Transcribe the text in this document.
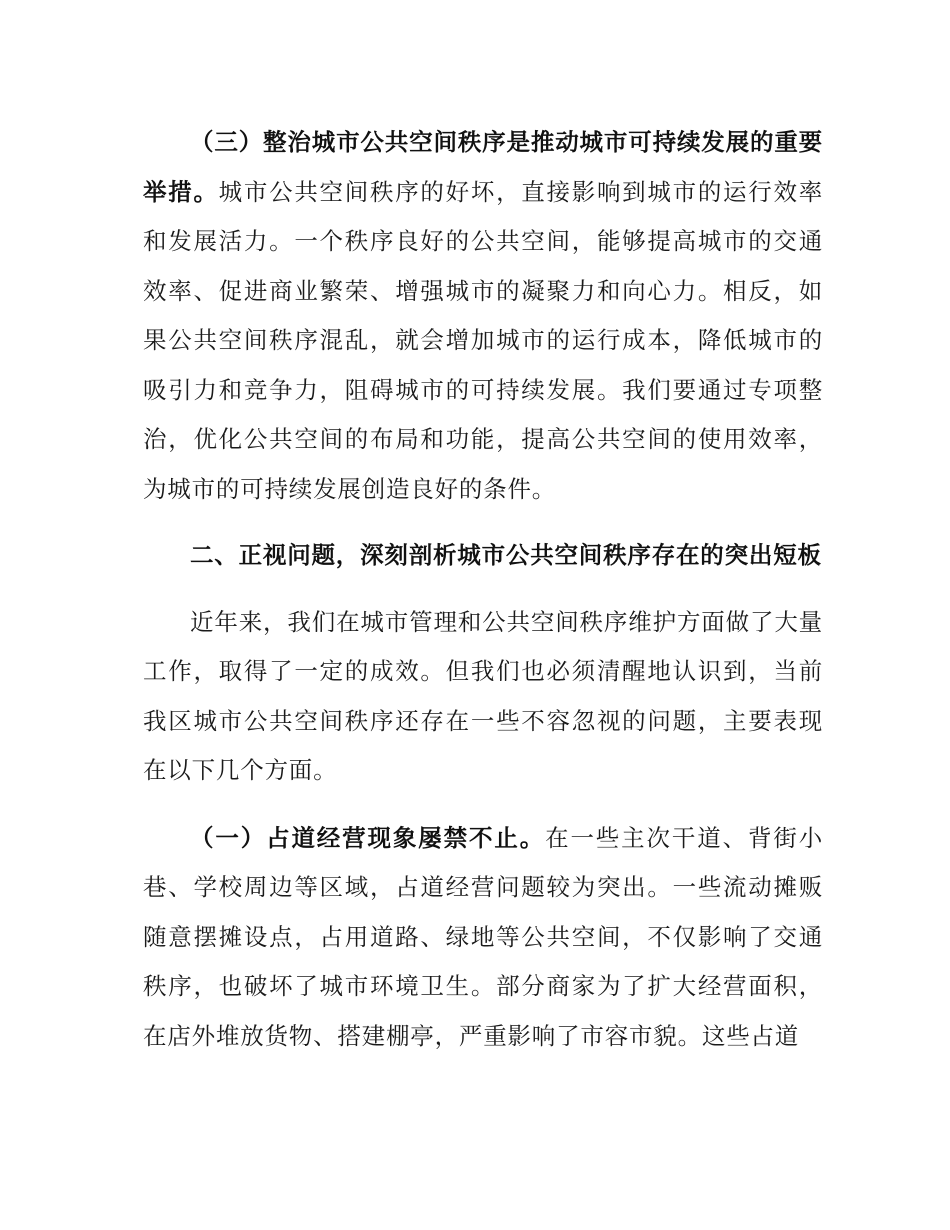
（三）整治城市公共空间秩序是推动城市可持续发展的重要举措。城市公共空间秩序的好坏，直接影响到城市的运行效率和发展活力。一个秩序良好的公共空间，能够提高城市的交通效率、促进商业繁荣、增强城市的凝聚力和向心力。相反，如果公共空间秩序混乱，就会增加城市的运行成本，降低城市的吸引力和竞争力，阻碍城市的可持续发展。我们要通过专项整治，优化公共空间的布局和功能，提高公共空间的使用效率，为城市的可持续发展创造良好的条件。

二、正视问题，深刻剖析城市公共空间秩序存在的突出短板

近年来，我们在城市管理和公共空间秩序维护方面做了大量工作，取得了一定的成效。但我们也必须清醒地认识到，当前我区城市公共空间秩序还存在一些不容忽视的问题，主要表现在以下几个方面。

（一）占道经营现象屡禁不止。在一些主次干道、背街小巷、学校周边等区域，占道经营问题较为突出。一些流动摊贩随意摆摊设点，占用道路、绿地等公共空间，不仅影响了交通秩序，也破坏了城市环境卫生。部分商家为了扩大经营面积，在店外堆放货物、搭建棚亭，严重影响了市容市貌。这些占道
